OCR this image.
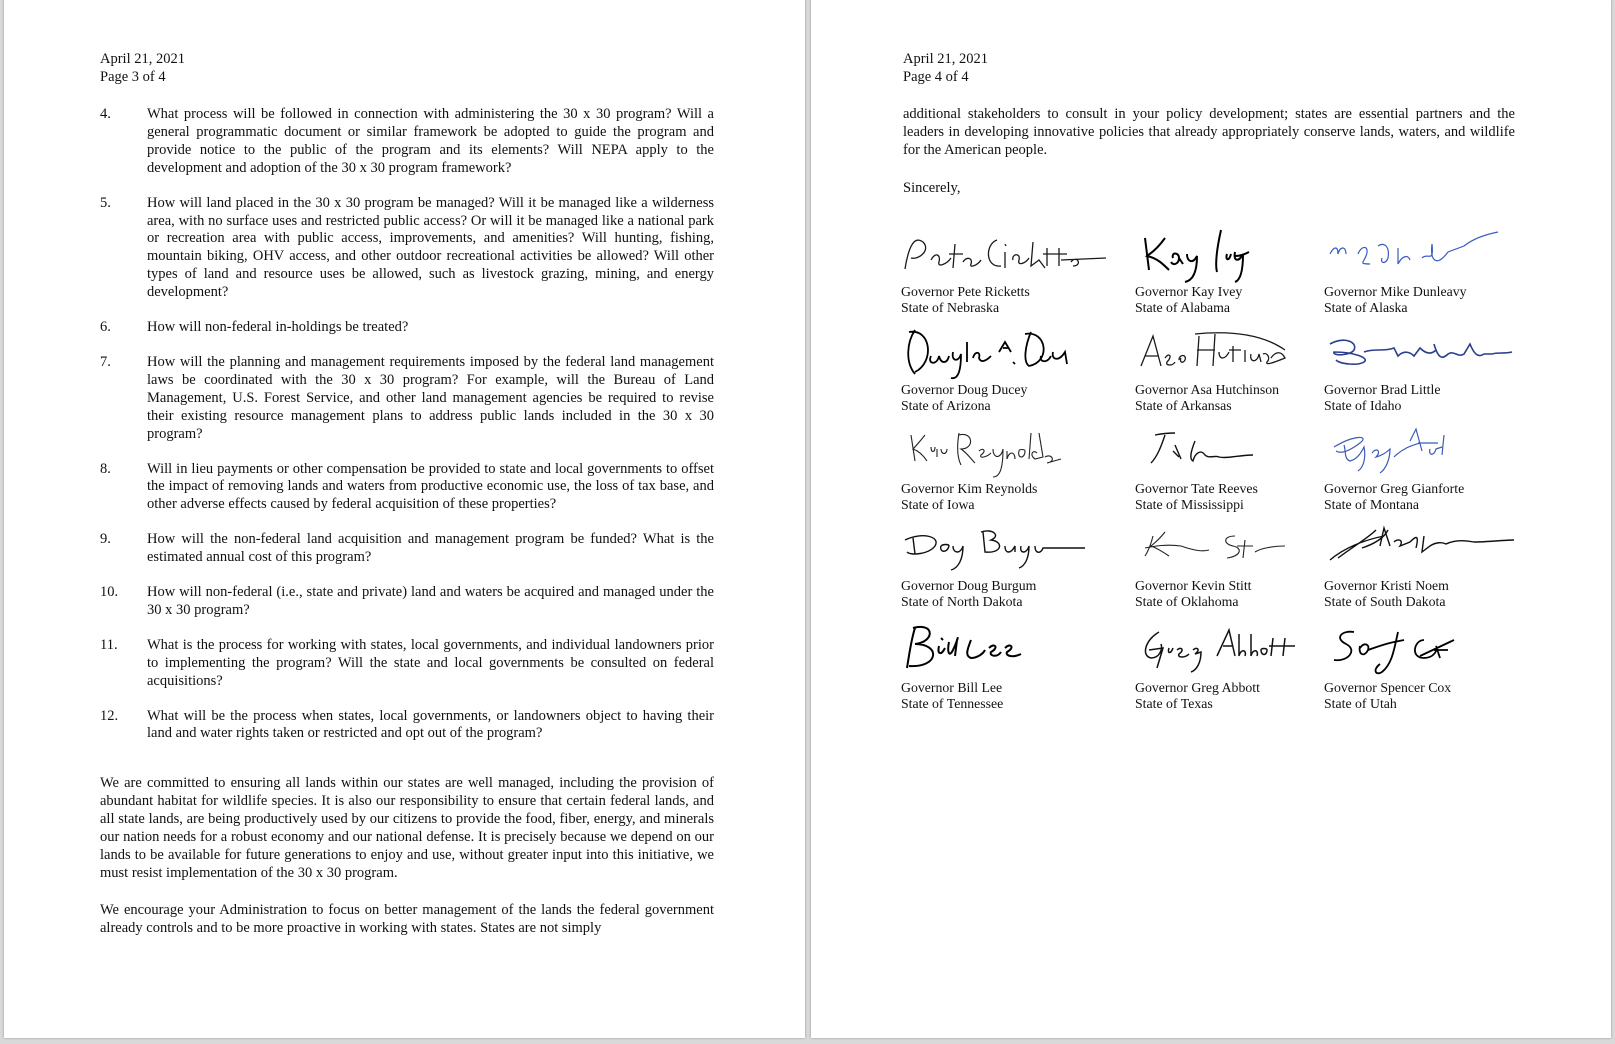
April 21, 2021
Page 3 of 4
4.	What process will be followed in connection with administering the 30 x 30 program? Will a general programmatic document or similar framework be adopted to guide the program and provide notice to the public of the program and its elements? Will NEPA apply to the development and adoption of the 30 x 30 program framework?
5.	How will land placed in the 30 x 30 program be managed? Will it be managed like a wilderness area, with no surface uses and restricted public access? Or will it be managed like a national park or recreation area with public access, improvements, and amenities? Will hunting, fishing, mountain biking, OHV access, and other outdoor recreational activities be allowed? Will other types of land and resource uses be allowed, such as livestock grazing, mining, and energy development?
6.	How will non-federal in-holdings be treated?
7.	How will the planning and management requirements imposed by the federal land management laws be coordinated with the 30 x 30 program? For example, will the Bureau of Land Management, U.S. Forest Service, and other land management agencies be required to revise their existing resource management plans to address public lands included in the 30 x 30 program?
8.	Will in lieu payments or other compensation be provided to state and local governments to offset the impact of removing lands and waters from productive economic use, the loss of tax base, and other adverse effects caused by federal acquisition of these properties?
9.	How will the non-federal land acquisition and management program be funded? What is the estimated annual cost of this program?
10.	How will non-federal (i.e., state and private) land and waters be acquired and managed under the 30 x 30 program?
11.	What is the process for working with states, local governments, and individual landowners prior to implementing the program? Will the state and local governments be consulted on federal acquisitions?
12.	What will be the process when states, local governments, or landowners object to having their land and water rights taken or restricted and opt out of the program?
We are committed to ensuring all lands within our states are well managed, including the provision of abundant habitat for wildlife species. It is also our responsibility to ensure that certain federal lands, and all state lands, are being productively used by our citizens to provide the food, fiber, energy, and minerals our nation needs for a robust economy and our national defense. It is precisely because we depend on our lands to be available for future generations to enjoy and use, without greater input into this initiative, we must resist implementation of the 30 x 30 program.
We encourage your Administration to focus on better management of the lands the federal government already controls and to be more proactive in working with states. States are not simply
April 21, 2021
Page 4 of 4
additional stakeholders to consult in your policy development; states are essential partners and the leaders in developing innovative policies that already appropriately conserve lands, waters, and wildlife for the American people.
Sincerely,
Governor Pete Ricketts
State of Nebraska
Governor Kay Ivey
State of Alabama
Governor Mike Dunleavy
State of Alaska
Governor Doug Ducey
State of Arizona
Governor Asa Hutchinson
State of Arkansas
Governor Brad Little
State of Idaho
Governor Kim Reynolds
State of Iowa
Governor Tate Reeves
State of Mississippi
Governor Greg Gianforte
State of Montana
Governor Doug Burgum
State of North Dakota
Governor Kevin Stitt
State of Oklahoma
Governor Kristi Noem
State of South Dakota
Governor Bill Lee
State of Tennessee
Governor Greg Abbott
State of Texas
Governor Spencer Cox
State of Utah
